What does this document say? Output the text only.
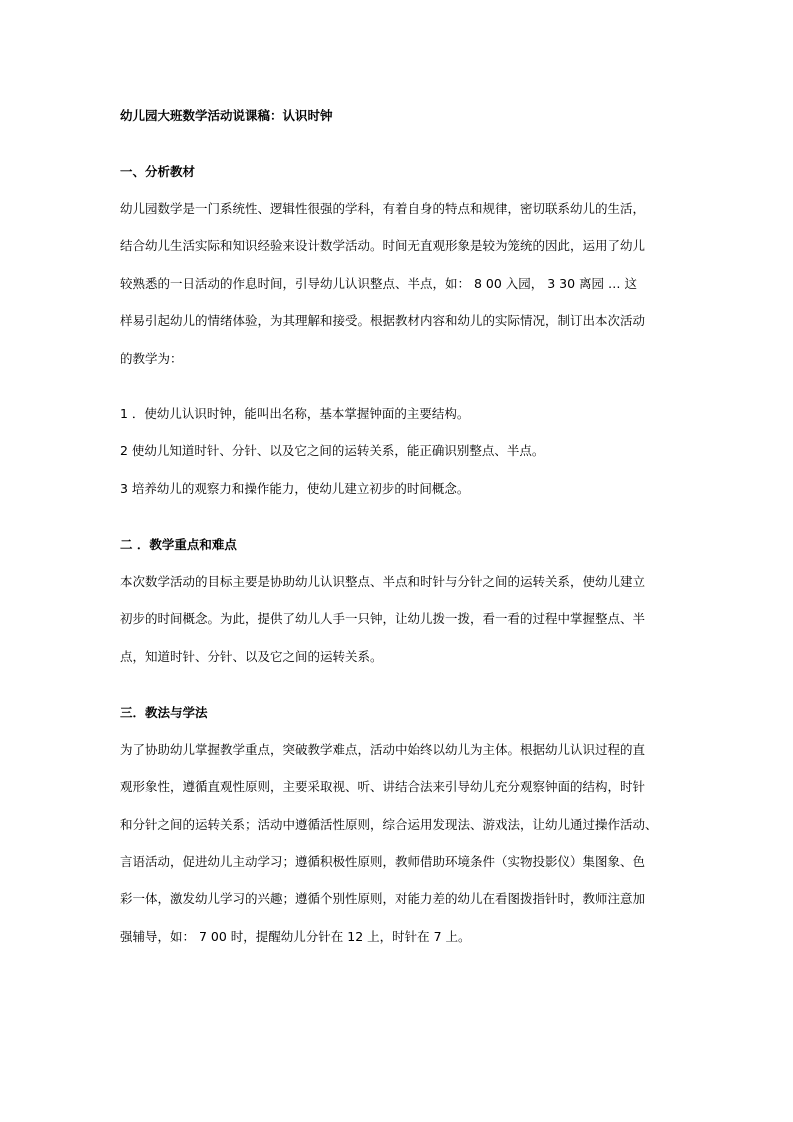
幼儿园大班数学活动说课稿：认识时钟
一、分析教材
幼儿园数学是一门系统性、逻辑性很强的学科，有着自身的特点和规律，密切联系幼儿的生活，
结合幼儿生活实际和知识经验来设计数学活动。时间无直观形象是较为笼统的因此，运用了幼儿
较熟悉的一日活动的作息时间，引导幼儿认识整点、半点，如： 8 00 入园， 3 30 离园 … 这
样易引起幼儿的情绪体验，为其理解和接受。根据教材内容和幼儿的实际情况，制订出本次活动
的教学为：
1 ．使幼儿认识时钟，能叫出名称，基本掌握钟面的主要结构。
2 使幼儿知道时针、分针、以及它之间的运转关系，能正确识别整点、半点。
3 培养幼儿的观察力和操作能力，使幼儿建立初步的时间概念。
二 ．教学重点和难点
本次数学活动的目标主要是协助幼儿认识整点、半点和时针与分针之间的运转关系，使幼儿建立
初步的时间概念。为此，提供了幼儿人手一只钟，让幼儿拨一拨，看一看的过程中掌握整点、半
点，知道时针、分针、以及它之间的运转关系。
三．教法与学法
为了协助幼儿掌握教学重点，突破教学难点，活动中始终以幼儿为主体。根据幼儿认识过程的直
观形象性，遵循直观性原则，主要采取视、听、讲结合法来引导幼儿充分观察钟面的结构，时针
和分针之间的运转关系；活动中遵循活性原则，综合运用发现法、游戏法，让幼儿通过操作活动、
言语活动，促进幼儿主动学习；遵循积极性原则，教师借助环境条件（实物投影仪）集图象、色
彩一体，激发幼儿学习的兴趣；遵循个别性原则，对能力差的幼儿在看图拨指针时，教师注意加
强辅导，如： 7 00 时，提醒幼儿分针在 12 上，时针在 7 上。
